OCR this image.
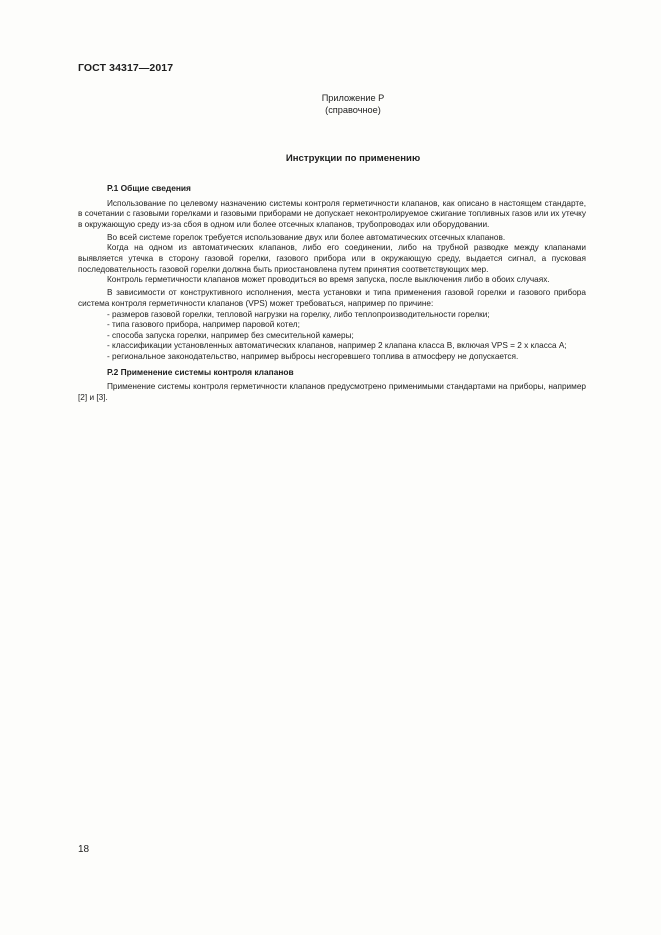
ГОСТ 34317—2017
Приложение Р
(справочное)
Инструкции по применению

Р.1 Общие сведения

Использование по целевому назначению системы контроля герметичности клапанов, как описано в настоящем стандарте, в сочетании с газовыми горелками и газовыми приборами не допускает неконтролируемое сжигание топливных газов или их утечку в окружающую среду из-за сбоя в одном или более отсечных клапанов, трубопроводах или оборудовании.

Во всей системе горелок требуется использование двух или более автоматических отсечных клапанов.

Когда на одном из автоматических клапанов, либо его соединении, либо на трубной разводке между клапанами выявляется утечка в сторону газовой горелки, газового прибора или в окружающую среду, выдается сигнал, а пусковая последовательность газовой горелки должна быть приостановлена путем принятия соответствующих мер.

Контроль герметичности клапанов может проводиться во время запуска, после выключения либо в обоих случаях.

В зависимости от конструктивного исполнения, места установки и типа применения газовой горелки и газового прибора система контроля герметичности клапанов (VPS) может требоваться, например по причине:

- размеров газовой горелки, тепловой нагрузки на горелку, либо теплопроизводительности горелки;

- типа газового прибора, например паровой котел;

- способа запуска горелки, например без смесительной камеры;

- классификации установленных автоматических клапанов, например 2 клапана класса B, включая VPS = 2 x класса A;

- региональное законодательство, например выбросы несгоревшего топлива в атмосферу не допускается.

Р.2 Применение системы контроля клапанов

Применение системы контроля герметичности клапанов предусмотрено применимыми стандартами на приборы, например [2] и [3].

18
